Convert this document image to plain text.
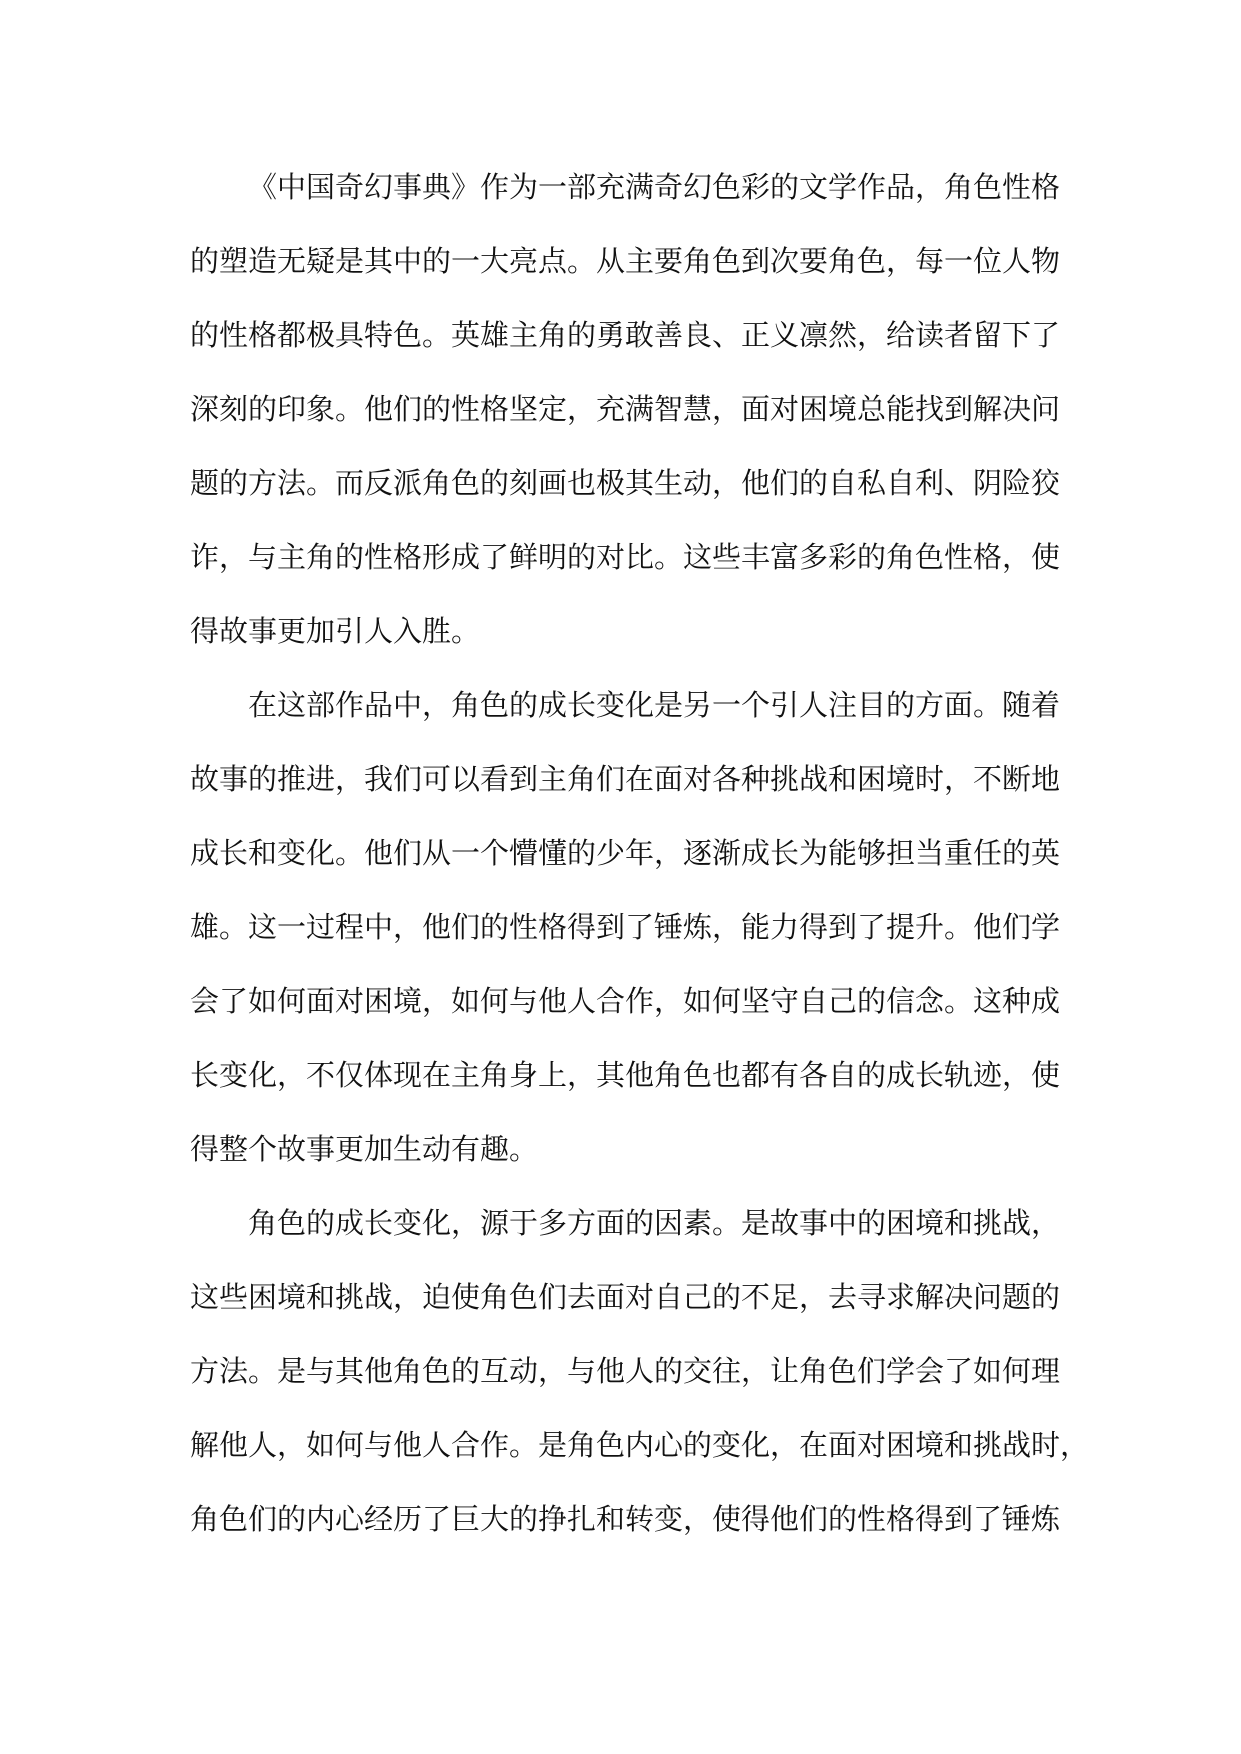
《中国奇幻事典》作为一部充满奇幻色彩的文学作品，角色性格
的塑造无疑是其中的一大亮点。从主要角色到次要角色，每一位人物
的性格都极具特色。英雄主角的勇敢善良、正义凛然，给读者留下了
深刻的印象。他们的性格坚定，充满智慧，面对困境总能找到解决问
题的方法。而反派角色的刻画也极其生动，他们的自私自利、阴险狡
诈，与主角的性格形成了鲜明的对比。这些丰富多彩的角色性格，使
得故事更加引人入胜。
在这部作品中，角色的成长变化是另一个引人注目的方面。随着
故事的推进，我们可以看到主角们在面对各种挑战和困境时，不断地
成长和变化。他们从一个懵懂的少年，逐渐成长为能够担当重任的英
雄。这一过程中，他们的性格得到了锤炼，能力得到了提升。他们学
会了如何面对困境，如何与他人合作，如何坚守自己的信念。这种成
长变化，不仅体现在主角身上，其他角色也都有各自的成长轨迹，使
得整个故事更加生动有趣。
角色的成长变化，源于多方面的因素。是故事中的困境和挑战，
这些困境和挑战，迫使角色们去面对自己的不足，去寻求解决问题的
方法。是与其他角色的互动，与他人的交往，让角色们学会了如何理
解他人，如何与他人合作。是角色内心的变化，在面对困境和挑战时，
角色们的内心经历了巨大的挣扎和转变，使得他们的性格得到了锤炼
